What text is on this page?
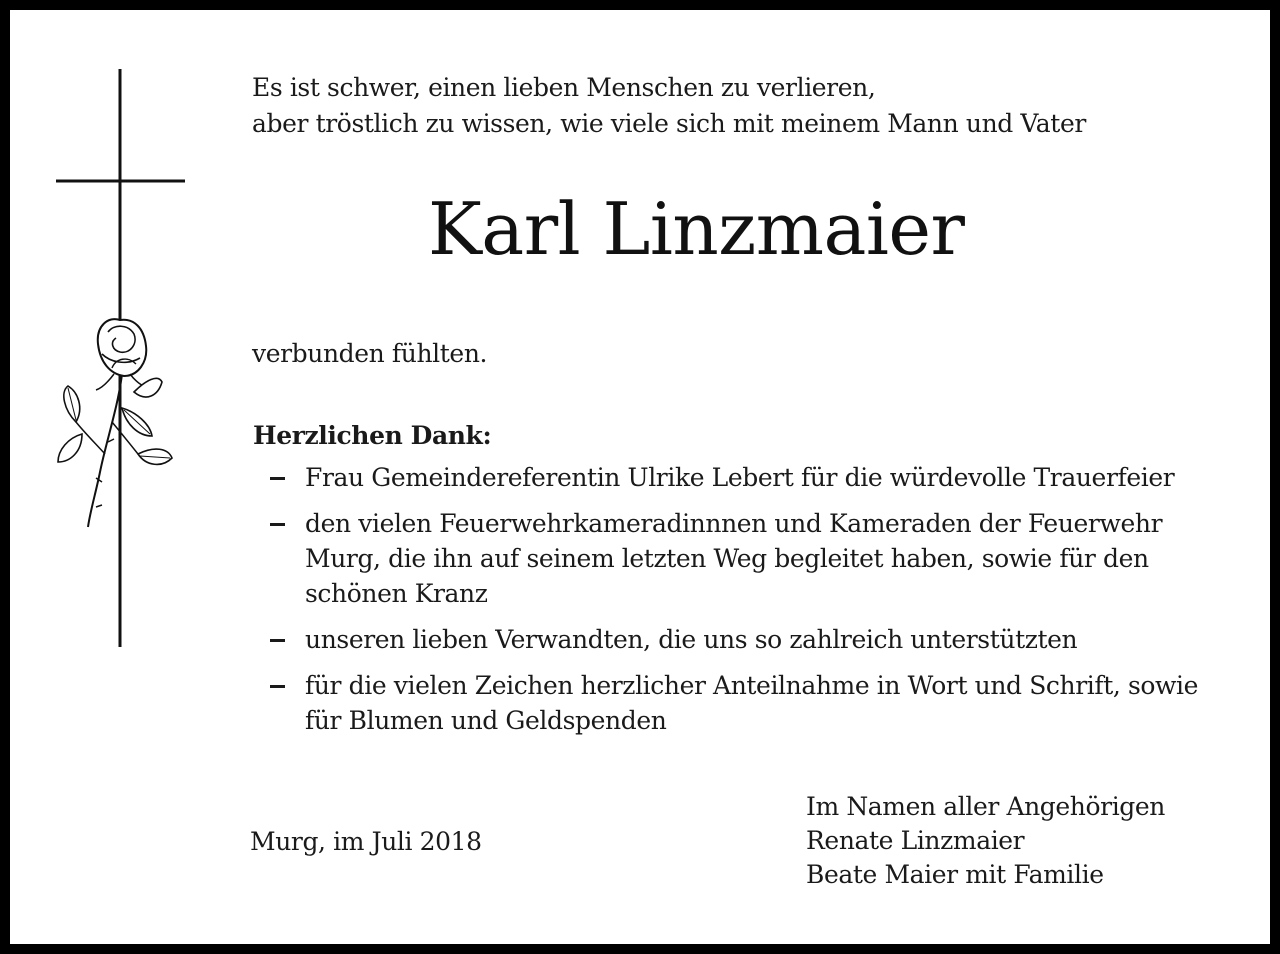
Es ist schwer, einen lieben Menschen zu verlieren,
aber tröstlich zu wissen, wie viele sich mit meinem Mann und Vater
Karl Linzmaier
verbunden fühlten.
Herzlichen Dank:
Frau Gemeindereferentin Ulrike Lebert für die würdevolle Trauerfeier
den vielen Feuerwehrkameradinnnen und Kameraden der Feuerwehr Murg, die ihn auf seinem letzten Weg begleitet haben, sowie für den schönen Kranz
unseren lieben Verwandten, die uns so zahlreich unterstützten
für die vielen Zeichen herzlicher Anteilnahme in Wort und Schrift, sowie für Blumen und Geldspenden
Murg, im Juli 2018
Im Namen aller Angehörigen
Renate Linzmaier
Beate Maier mit Familie
